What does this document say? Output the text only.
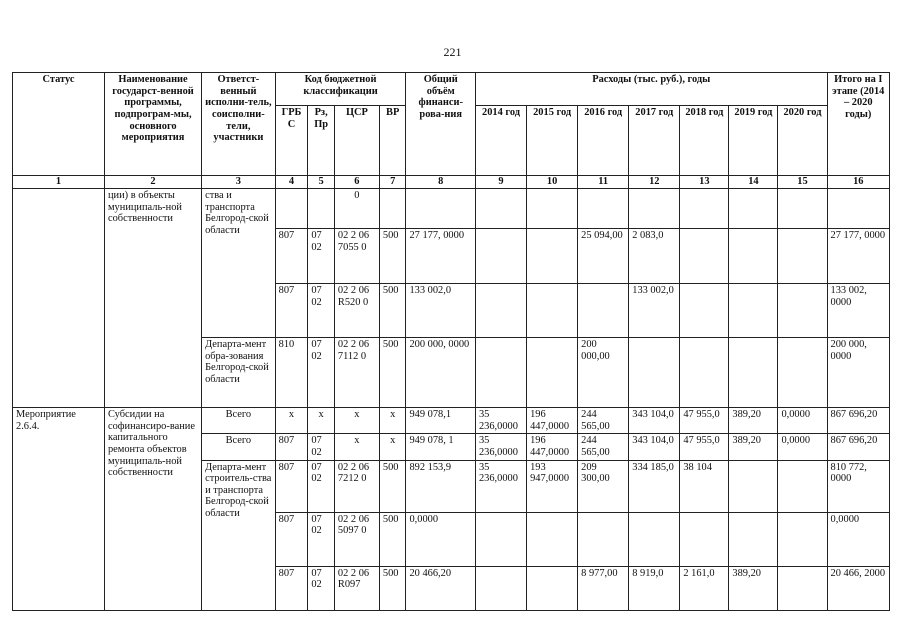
221
Статус	Наименование государст-венной программы, подпрограм-мы, основного мероприятия	Ответст-венный исполни-тель, соисполни-тели, участники	Код бюджетной классификации				Общий объём финанси-рова-ния	Расходы (тыс. руб.), годы							Итого на I этапе (2014 – 2020 годы)
			ГРБ С	Рз, Пр	ЦСР	ВР		2014 год	2015 год	2016 год	2017 год	2018 год	2019 год	2020 год	
1	2	3	4	5	6	7	8	9	10	11	12	13	14	15	16
	ции) в объекты муниципаль-ной собственности	ства и транспорта Белгород-ской области			0										
			807	07 02	02 2 06 7055 0	500	27 177, 0000			25 094,00	2 083,0				27 177, 0000
			807	07 02	02 2 06 R520 0	500	133 002,0				133 002,0				133 002, 0000
		Департа-мент обра-зования Белгород-ской области	810	07 02	02 2 06 7112 0	500	200 000, 0000			200 000,00					200 000, 0000
Мероприятие 2.6.4.	Субсидии на софинансиро-вание капитального ремонта объектов муниципаль-ной собственности	Всего	х	х	х	х	949 078,1	35 236,0000	196 447,0000	244 565,00	343 104,0	47 955,0	389,20	0,0000	867 696,20
		Всего	807	07 02	х	х	949 078, 1	35 236,0000	196 447,0000	244 565,00	343 104,0	47 955,0	389,20	0,0000	867 696,20
		Департа-мент строитель-ства и транспорта Белгород-ской области	807	07 02	02 2 06 7212 0	500	892 153,9	35 236,0000	193 947,0000	209 300,00	334 185,0	38 104			810 772, 0000
			807	07 02	02 2 06 5097 0	500	0,0000								0,0000
			807	07 02	02 2 06 R097	500	20 466,20			8 977,00	8 919,0	2 161,0	389,20		20 466, 2000
